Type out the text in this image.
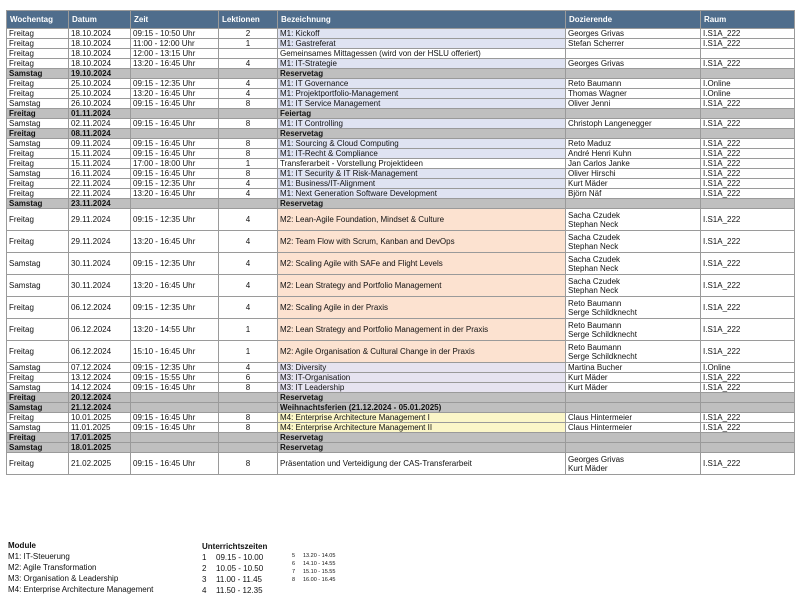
Wochentag	Datum	Zeit	Lektionen	Bezeichnung	Dozierende	Raum
Freitag	18.10.2024	09:15 - 10:50 Uhr	2	M1: Kickoff	Georges Grivas	I.S1A_222
Freitag	18.10.2024	11:00 - 12:00 Uhr	1	M1: Gastreferat	Stefan Scherrer	I.S1A_222
Freitag	18.10.2024	12:00 - 13:15 Uhr		Gemeinsames Mittagessen (wird von der HSLU offeriert)		
Freitag	18.10.2024	13:20 - 16:45 Uhr	4	M1: IT-Strategie	Georges Grivas	I.S1A_222
Samstag	19.10.2024			Reservetag		
Freitag	25.10.2024	09:15 - 12:35 Uhr	4	M1: IT Governance	Reto Baumann	I.Online
Freitag	25.10.2024	13:20 - 16:45 Uhr	4	M1: Projektportfolio-Management	Thomas Wagner	I.Online
Samstag	26.10.2024	09:15 - 16:45 Uhr	8	M1: IT Service Management	Oliver Jenni	I.S1A_222
Freitag	01.11.2024			Feiertag		
Samstag	02.11.2024	09:15 - 16:45 Uhr	8	M1: IT Controlling	Christoph Langenegger	I.S1A_222
Freitag	08.11.2024			Reservetag		
Samstag	09.11.2024	09:15 - 16:45 Uhr	8	M1: Sourcing & Cloud Computing	Reto Maduz	I.S1A_222
Freitag	15.11.2024	09:15 - 16:45 Uhr	8	M1: IT-Recht & Compliance	André Henri Kuhn	I.S1A_222
Freitag	15.11.2024	17:00 - 18:00 Uhr	1	Transferarbeit - Vorstellung Projektideen	Jan Carlos Janke	I.S1A_222
Samstag	16.11.2024	09:15 - 16:45 Uhr	8	M1: IT Security & IT Risk-Management	Oliver Hirschi	I.S1A_222
Freitag	22.11.2024	09:15 - 12:35 Uhr	4	M1: Business/IT-Alignment	Kurt Mäder	I.S1A_222
Freitag	22.11.2024	13:20 - 16:45 Uhr	4	M1: Next Generation Software Development	Björn Näf	I.S1A_222
Samstag	23.11.2024			Reservetag		
Freitag	29.11.2024	09:15 - 12:35 Uhr	4	M2: Lean-Agile Foundation, Mindset & Culture	Sacha Czudek
Stephan Neck	I.S1A_222
Freitag	29.11.2024	13:20 - 16:45 Uhr	4	M2: Team Flow with Scrum, Kanban and DevOps	Sacha Czudek
Stephan Neck	I.S1A_222
Samstag	30.11.2024	09:15 - 12:35 Uhr	4	M2: Scaling Agile with SAFe and Flight Levels	Sacha Czudek
Stephan Neck	I.S1A_222
Samstag	30.11.2024	13:20 - 16:45 Uhr	4	M2: Lean Strategy and Portfolio Management	Sacha Czudek
Stephan Neck	I.S1A_222
Freitag	06.12.2024	09:15 - 12:35 Uhr	4	M2: Scaling Agile in der Praxis	Reto Baumann
Serge Schildknecht	I.S1A_222
Freitag	06.12.2024	13:20 - 14:55 Uhr	1	M2: Lean Strategy and Portfolio Management in der Praxis	Reto Baumann
Serge Schildknecht	I.S1A_222
Freitag	06.12.2024	15:10 - 16:45 Uhr	1	M2: Agile Organisation & Cultural Change in der Praxis	Reto Baumann
Serge Schildknecht	I.S1A_222
Samstag	07.12.2024	09:15 - 12:35 Uhr	4	M3: Diversity	Martina Bucher	I.Online
Freitag	13.12.2024	09:15 - 15:55 Uhr	6	M3: IT-Organisation	Kurt Mäder	I.S1A_222
Samstag	14.12.2024	09:15 - 16:45 Uhr	8	M3: IT Leadership	Kurt Mäder	I.S1A_222
Freitag	20.12.2024			Reservetag		
Samstag	21.12.2024			Weihnachtsferien (21.12.2024 - 05.01.2025)		
Freitag	10.01.2025	09:15 - 16:45 Uhr	8	M4: Enterprise Architecture Management I	Claus Hintermeier	I.S1A_222
Samstag	11.01.2025	09:15 - 16:45 Uhr	8	M4: Enterprise Architecture Management II	Claus Hintermeier	I.S1A_222
Freitag	17.01.2025			Reservetag		
Samstag	18.01.2025			Reservetag		
Freitag	21.02.2025	09:15 - 16:45 Uhr	8	Präsentation und Verteidigung der CAS-Transferarbeit	Georges Grivas
Kurt Mäder	I.S1A_222
Module
M1: IT-Steuerung
M2: Agile Transformation
M3: Organisation & Leadership
M4: Enterprise Architecture Management
Unterrichtszeiten
1 09.15 - 10.00
2 10.05 - 10.50
3 11.00 - 11.45
4 11.50 - 12.35
5 13.20 - 14.05
6 14.10 - 14.55
7 15.10 - 15.55
8 16.00 - 16.45
